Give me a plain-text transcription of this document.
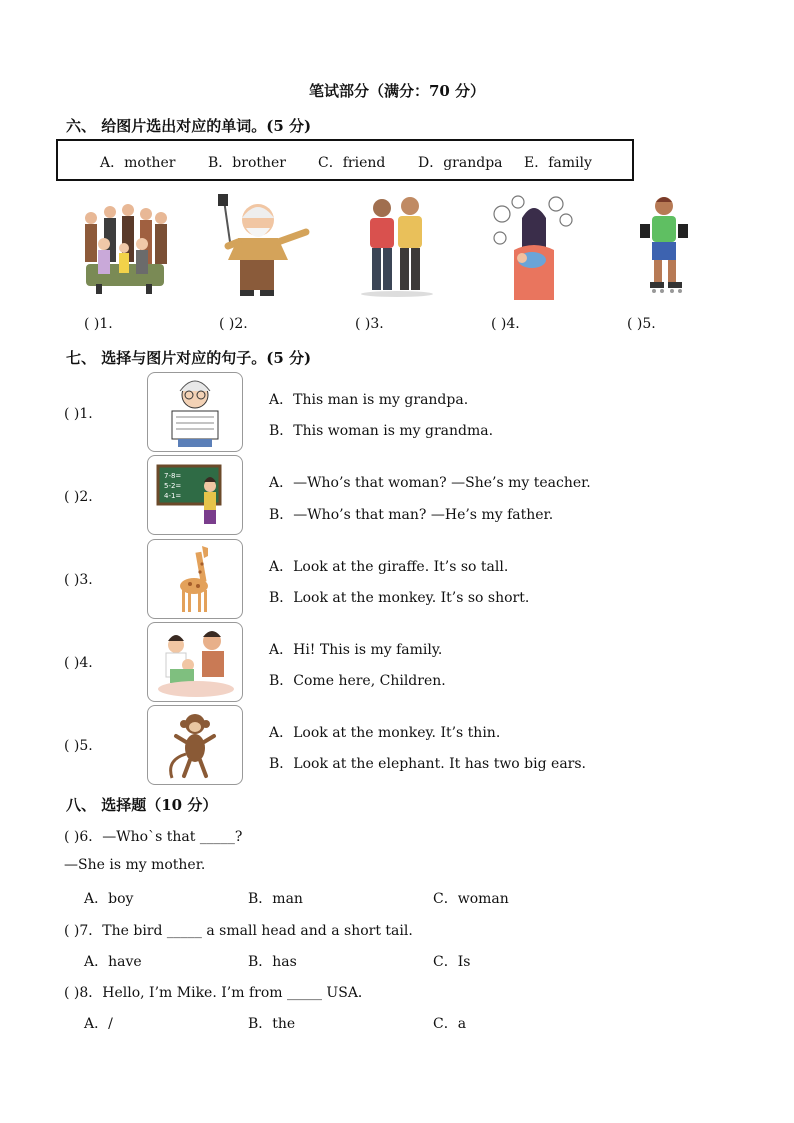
笔试部分（满分：70 分）
六、 给图片选出对应的单词。(5 分)
A．mother B．brother C．friend D．grandpa E．family
( )1.	( )2.	( )3.	( )4.	( )5.
七、 选择与图片对应的句子。(5 分)
( )1.
A．This man is my grandpa.
B．This woman is my grandma.
( )2.
7-8=
5-2=
4-1=
A．—Who’s that woman? —She’s my teacher.
B．—Who’s that man? —He’s my father.
( )3.
A．Look at the giraffe. It’s so tall.
B．Look at the monkey. It’s so short.
( )4.
A．Hi! This is my family.
B．Come here, Children.
( )5.
A．Look at the monkey. It’s thin.
B．Look at the elephant. It has two big ears.
八、 选择题（10 分）
( )6．—Who`s that _____?
—She is my mother.
A．boy	B．man	C．woman
( )7．The bird _____ a small head and a short tail.
A．have	B．has	C．Is
( )8．Hello, I’m Mike. I’m from _____ USA．
A．/	B．the	C．a
